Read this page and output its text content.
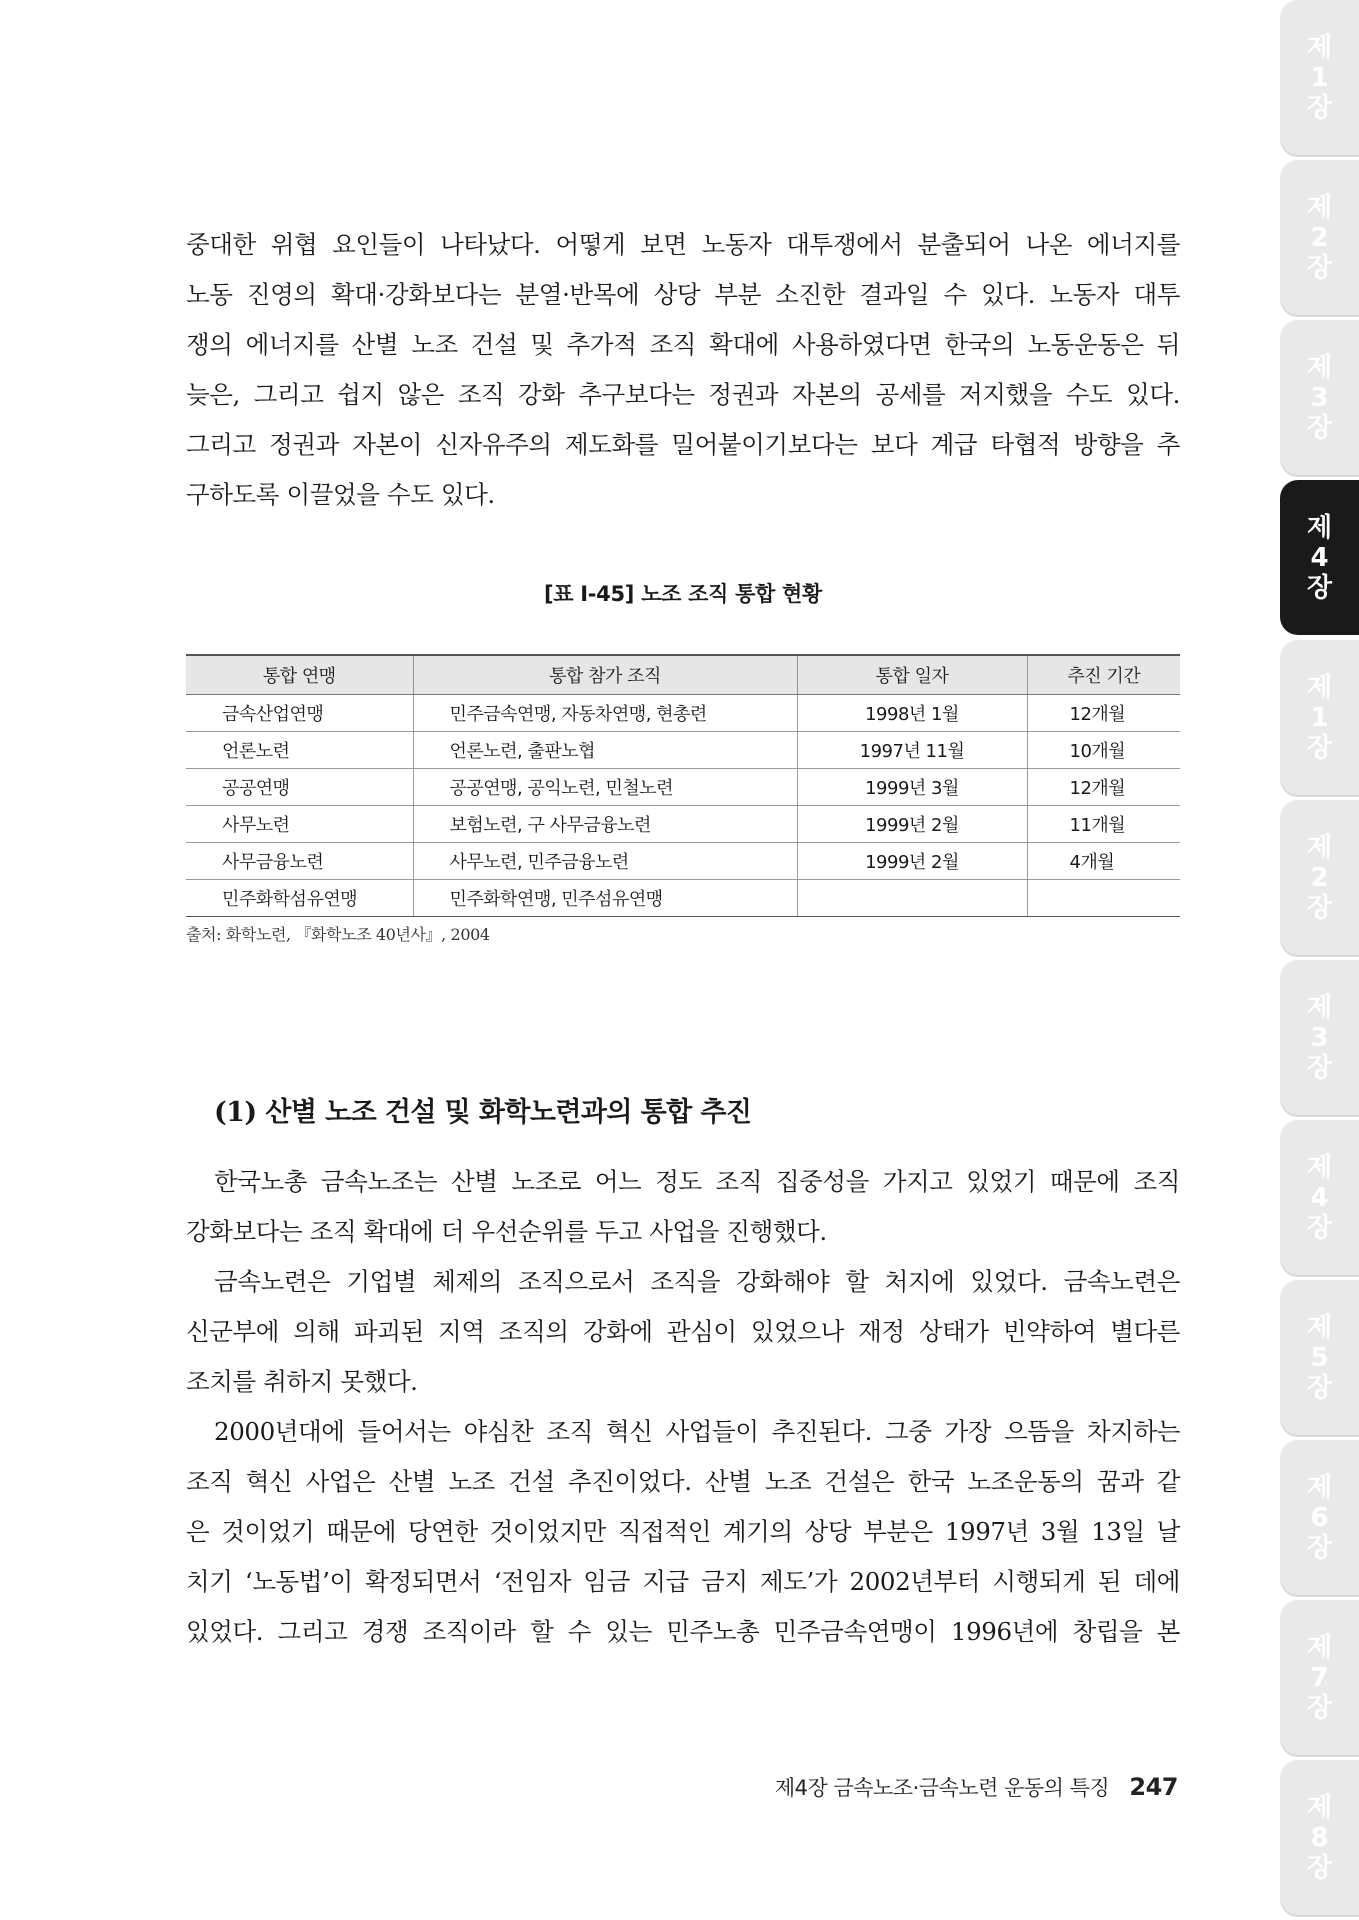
중대한 위협 요인들이 나타났다. 어떻게 보면 노동자 대투쟁에서 분출되어 나온 에너지를
노동 진영의 확대·강화보다는 분열·반목에 상당 부분 소진한 결과일 수 있다. 노동자 대투
쟁의 에너지를 산별 노조 건설 및 추가적 조직 확대에 사용하였다면 한국의 노동운동은 뒤
늦은, 그리고 쉽지 않은 조직 강화 추구보다는 정권과 자본의 공세를 저지했을 수도 있다.
그리고 정권과 자본이 신자유주의 제도화를 밀어붙이기보다는 보다 계급 타협적 방향을 추
구하도록 이끌었을 수도 있다.
[표 Ⅰ-45] 노조 조직 통합 현황
통합 연맹	통합 참가 조직	통합 일자	추진 기간
금속산업연맹	민주금속연맹, 자동차연맹, 현총련	1998년 1월	12개월
언론노련	언론노련, 출판노협	1997년 11월	10개월
공공연맹	공공연맹, 공익노련, 민철노련	1999년 3월	12개월
사무노련	보험노련, 구 사무금융노련	1999년 2월	11개월
사무금융노련	사무노련, 민주금융노련	1999년 2월	4개월
민주화학섬유연맹	민주화학연맹, 민주섬유연맹		
출처: 화학노련, 『화학노조 40년사』, 2004
(1) 산별 노조 건설 및 화학노련과의 통합 추진
한국노총 금속노조는 산별 노조로 어느 정도 조직 집중성을 가지고 있었기 때문에 조직
강화보다는 조직 확대에 더 우선순위를 두고 사업을 진행했다.
금속노련은 기업별 체제의 조직으로서 조직을 강화해야 할 처지에 있었다. 금속노련은
신군부에 의해 파괴된 지역 조직의 강화에 관심이 있었으나 재정 상태가 빈약하여 별다른
조치를 취하지 못했다.
2000년대에 들어서는 야심찬 조직 혁신 사업들이 추진된다. 그중 가장 으뜸을 차지하는
조직 혁신 사업은 산별 노조 건설 추진이었다. 산별 노조 건설은 한국 노조운동의 꿈과 같
은 것이었기 때문에 당연한 것이었지만 직접적인 계기의 상당 부분은 1997년 3월 13일 날
치기 ‘노동법’이 확정되면서 ‘전임자 임금 지급 금지 제도’가 2002년부터 시행되게 된 데에
있었다. 그리고 경쟁 조직이라 할 수 있는 민주노총 민주금속연맹이 1996년에 창립을 본
제4장 금속노조·금속노련 운동의 특징 247
제
1
장
제
2
장
제
3
장
제
4
장
제
1
장
제
2
장
제
3
장
제
4
장
제
5
장
제
6
장
제
7
장
제
8
장
